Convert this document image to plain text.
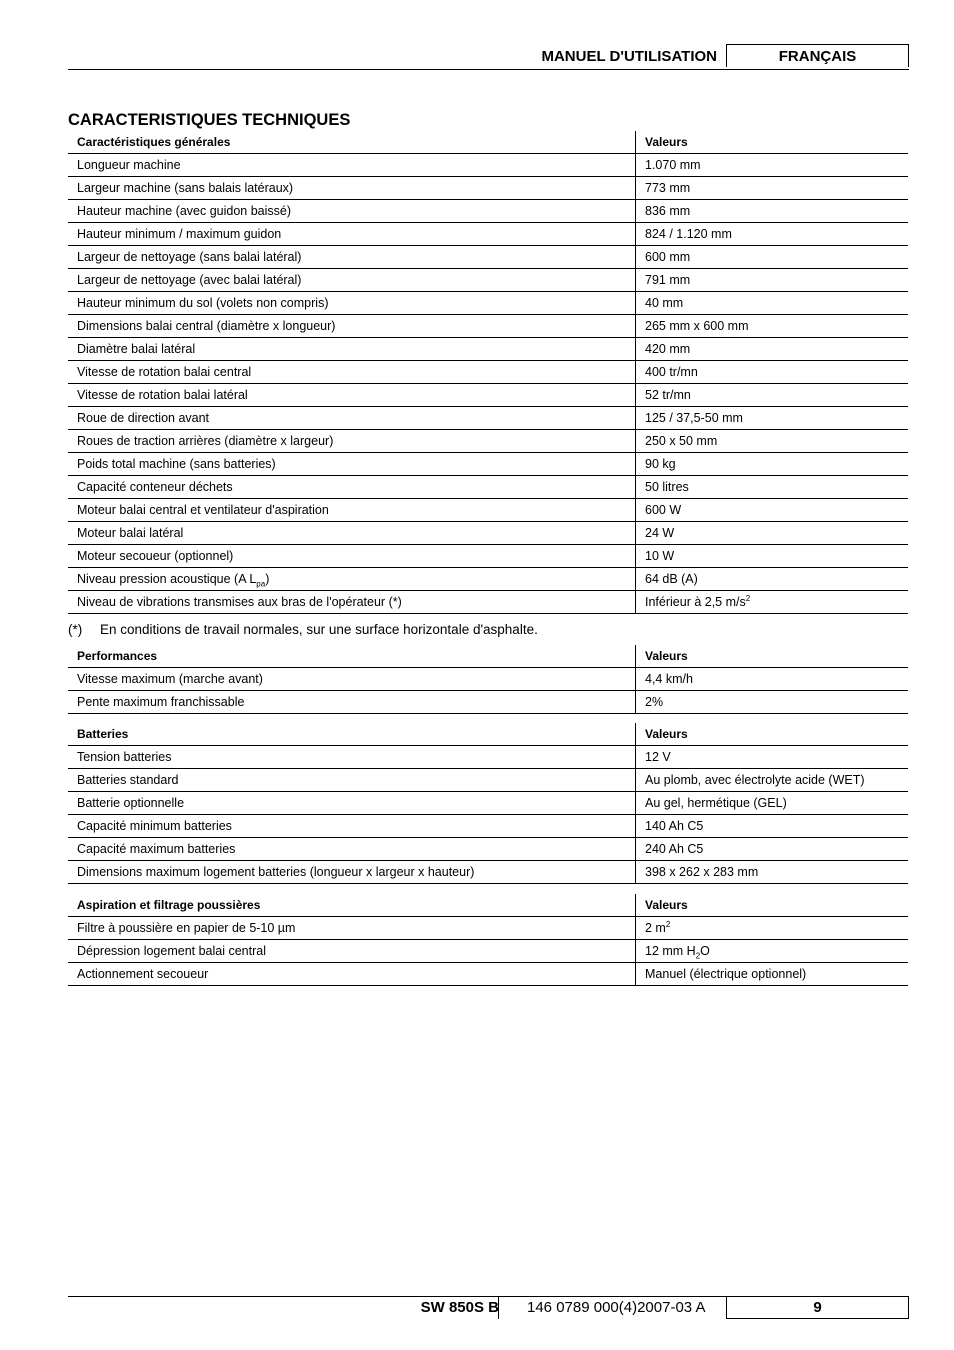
MANUEL D'UTILISATION	FRANÇAIS
CARACTERISTIQUES TECHNIQUES
Caractéristiques générales	Valeurs
Longueur machine	1.070 mm
Largeur machine (sans balais latéraux)	773 mm
Hauteur machine (avec guidon baissé)	836 mm
Hauteur minimum / maximum guidon	824 / 1.120 mm
Largeur de nettoyage (sans balai latéral)	600 mm
Largeur de nettoyage (avec balai latéral)	791 mm
Hauteur minimum du sol (volets non compris)	40 mm
Dimensions balai central (diamètre x longueur)	265 mm x 600 mm
Diamètre balai latéral	420 mm
Vitesse de rotation balai central	400 tr/mn
Vitesse de rotation balai latéral	52 tr/mn
Roue de direction avant	125 / 37,5-50 mm
Roues de traction arrières (diamètre x largeur)	250 x 50 mm
Poids total machine (sans batteries)	90 kg
Capacité conteneur déchets	50 litres
Moteur balai central et ventilateur d'aspiration	600 W
Moteur balai latéral	24 W
Moteur secoueur (optionnel)	10 W
Niveau pression acoustique (A $L_{pa}$)	64 dB (A)
Niveau de vibrations transmises aux bras de l'opérateur (*)	Inférieur à 2,5 $m/s^2$
(*) En conditions de travail normales, sur une surface horizontale d'asphalte.
Performances	Valeurs
Vitesse maximum (marche avant)	4,4 km/h
Pente maximum franchissable	2%
Batteries	Valeurs
Tension batteries	12 V
Batteries standard	Au plomb, avec électrolyte acide (WET)
Batterie optionnelle	Au gel, hermétique (GEL)
Capacité minimum batteries	140 Ah C5
Capacité maximum batteries	240 Ah C5
Dimensions maximum logement batteries (longueur x largeur x hauteur)	398 x 262 x 283 mm
Aspiration et filtrage poussières	Valeurs
Filtre à poussière en papier de 5-10 µm	2 $m^2$
Dépression logement balai central	12 mm $H_2O$
Actionnement secoueur	Manuel (électrique optionnel)
SW 850S B	146 0789 000(4)2007-03 A	9
